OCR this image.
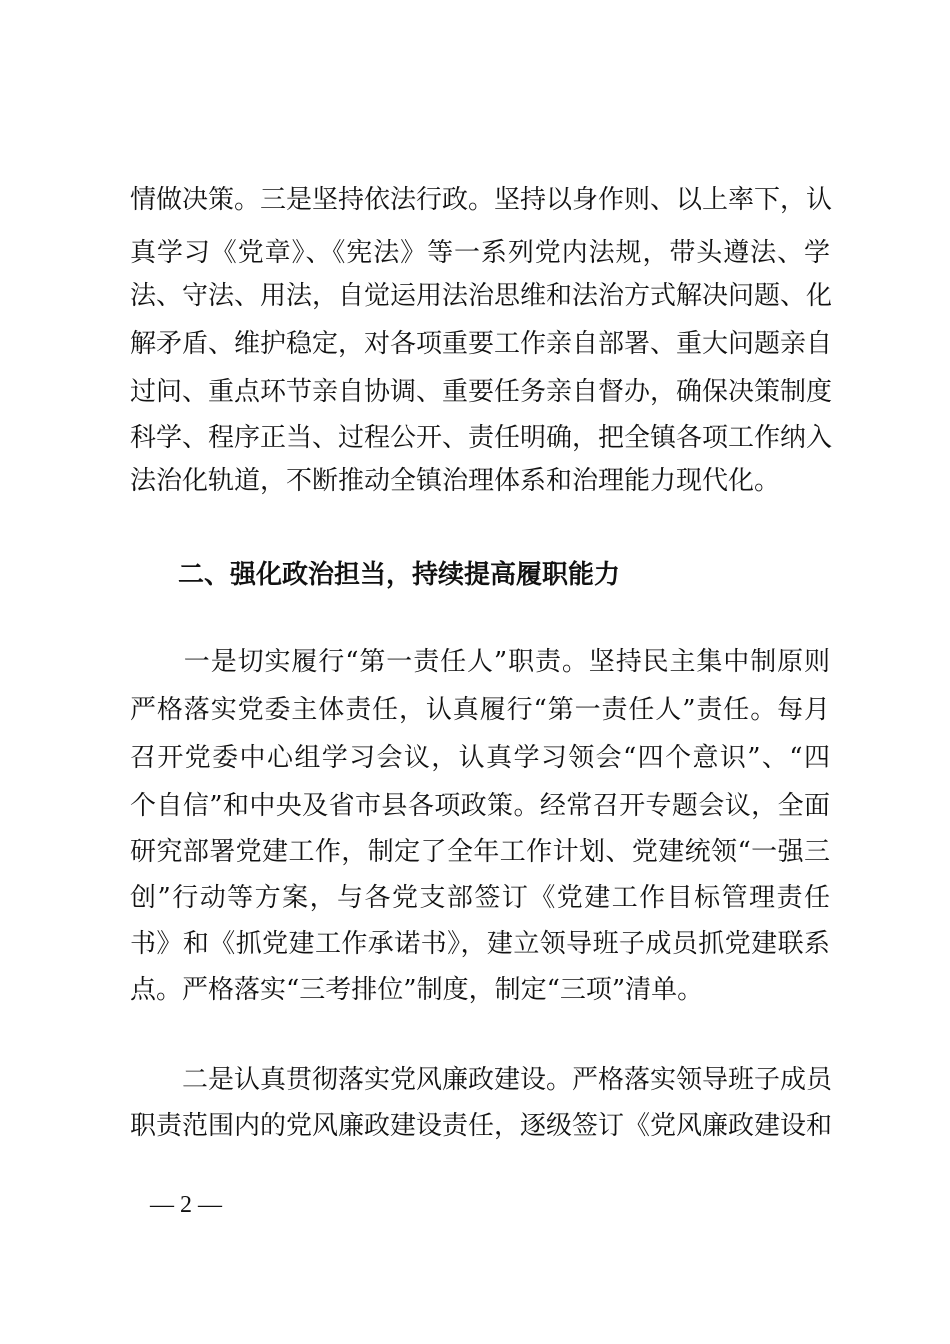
情做决策。三是坚持依法行政。坚持以身作则、以上率下，认
真学习《党章》、《宪法》等一系列党内法规，带头遵法、学
法、守法、用法，自觉运用法治思维和法治方式解决问题、化
解矛盾、维护稳定，对各项重要工作亲自部署、重大问题亲自
过问、重点环节亲自协调、重要任务亲自督办，确保决策制度
科学、程序正当、过程公开、责任明确，把全镇各项工作纳入
法治化轨道，不断推动全镇治理体系和治理能力现代化。
二、强化政治担当，持续提高履职能力
　　一是切实履行“第一责任人”职责。坚持民主集中制原则
严格落实党委主体责任，认真履行“第一责任人”责任。每月
召开党委中心组学习会议，认真学习领会“四个意识”、“四
个自信”和中央及省市县各项政策。经常召开专题会议，全面
研究部署党建工作，制定了全年工作计划、党建统领“一强三
创”行动等方案，与各党支部签订《党建工作目标管理责任
书》和《抓党建工作承诺书》，建立领导班子成员抓党建联系
点。严格落实“三考排位”制度，制定“三项”清单。
　　二是认真贯彻落实党风廉政建设。严格落实领导班子成员
职责范围内的党风廉政建设责任，逐级签订《党风廉政建设和
— 2 —
